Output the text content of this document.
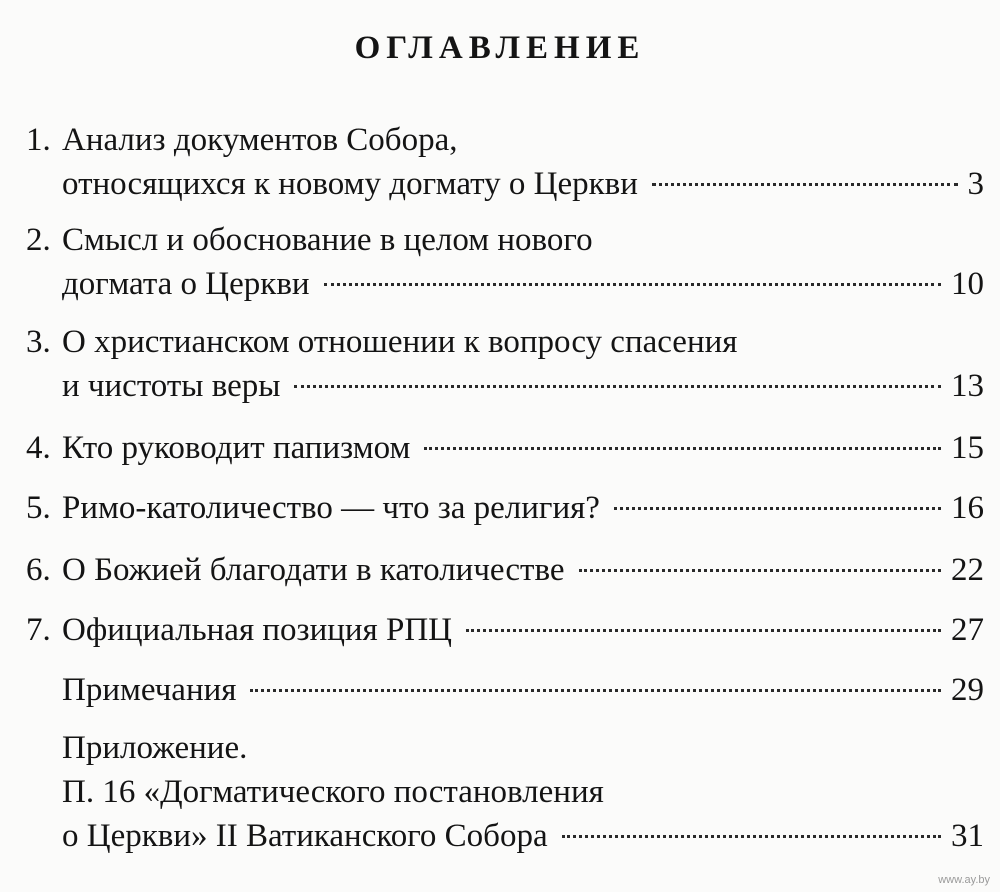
ОГЛАВЛЕНИЕ
1. Анализ документов Собора,
относящихся к новому догмату о Церкви	3
2. Смысл и обоснование в целом нового
догмата о Церкви	10
3. О христианском отношении к вопросу спасения
и чистоты веры	13
4. Кто руководит папизмом	15
5. Римо-католичество — что за религия?	16
6. О Божией благодати в католичестве	22
7. Официальная позиция РПЦ	27
Примечания	29
Приложение.
П. 16 «Догматического постановления
о Церкви» II Ватиканского Собора	31
www.ay.by
